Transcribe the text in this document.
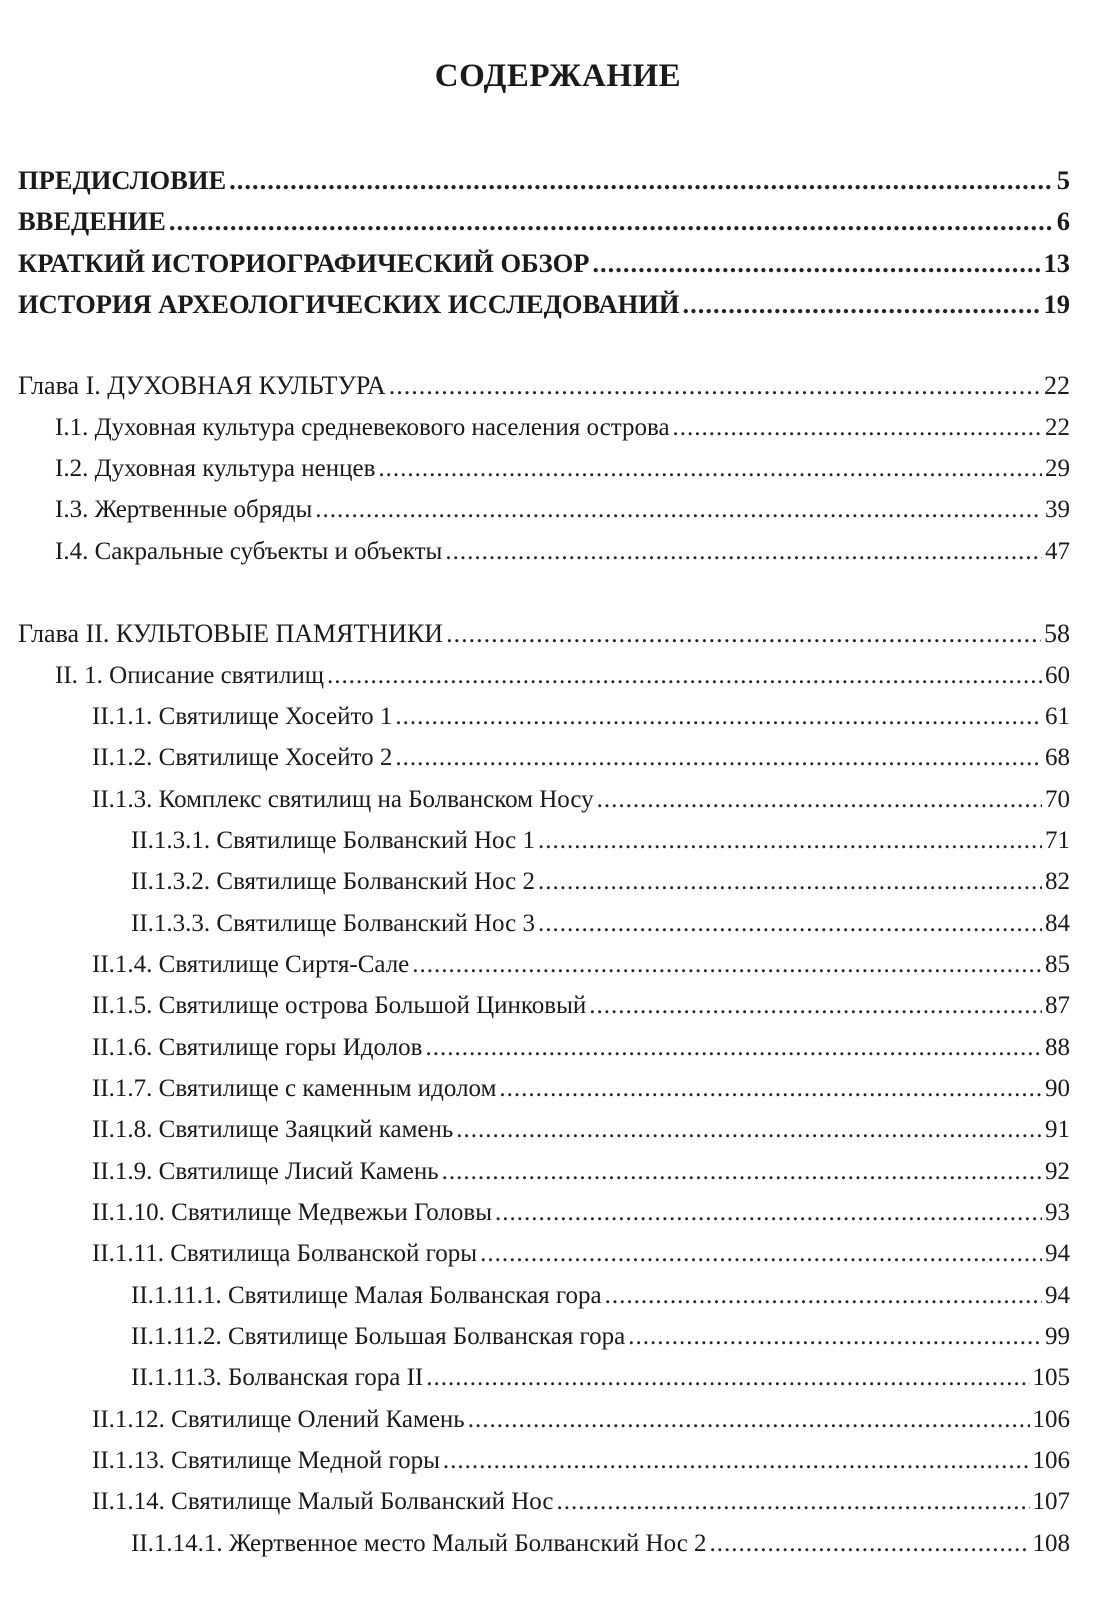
СОДЕРЖАНИЕ
ПРЕДИСЛОВИЕ .....	5
ВВЕДЕНИЕ .....	6
КРАТКИЙ ИСТОРИОГРАФИЧЕСКИЙ ОБЗОР .....	13
ИСТОРИЯ АРХЕОЛОГИЧЕСКИХ ИССЛЕДОВАНИЙ .....	19
Глава I. ДУХОВНАЯ КУЛЬТУРА .....	22
I.1. Духовная культура средневекового населения острова .....	22
I.2. Духовная культура ненцев .....	29
I.3. Жертвенные обряды .....	39
I.4. Сакральные субъекты и объекты .....	47
Глава II. КУЛЬТОВЫЕ ПАМЯТНИКИ .....	58
II. 1. Описание святилищ .....	60
II.1.1. Святилище Хосейто 1 .....	61
II.1.2. Святилище Хосейто 2 .....	68
II.1.3. Комплекс святилищ на Болванском Носу .....	70
II.1.3.1. Святилище Болванский Нос 1 .....	71
II.1.3.2. Святилище Болванский Нос 2 .....	82
II.1.3.3. Святилище Болванский Нос 3 .....	84
II.1.4. Святилище Сиртя-Сале .....	85
II.1.5. Святилище острова Большой Цинковый .....	87
II.1.6. Святилище горы Идолов .....	88
II.1.7. Святилище с каменным идолом .....	90
II.1.8. Святилище Заяцкий камень .....	91
II.1.9. Святилище Лисий Камень .....	92
II.1.10. Святилище Медвежьи Головы .....	93
II.1.11. Святилища Болванской горы .....	94
II.1.11.1. Святилище Малая Болванская гора .....	94
II.1.11.2. Святилище Большая Болванская гора .....	99
II.1.11.3. Болванская гора II .....	105
II.1.12. Святилище Олений Камень .....	106
II.1.13. Святилище Медной горы .....	106
II.1.14. Святилище Малый Болванский Нос .....	107
II.1.14.1. Жертвенное место Малый Болванский Нос 2 .....	108
